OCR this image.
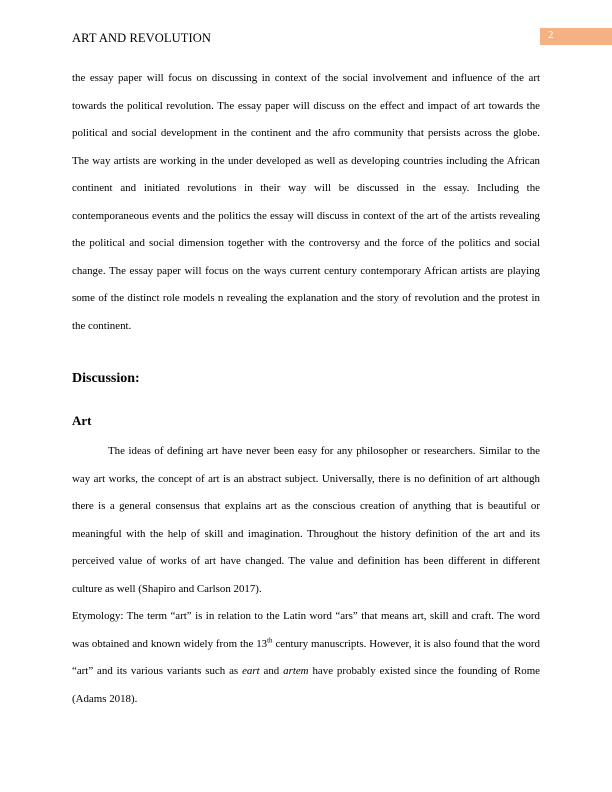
ART AND REVOLUTION	2

the essay paper will focus on discussing in context of the social involvement and influence of the art towards the political revolution. The essay paper will discuss on the effect and impact of art towards the political and social development in the continent and the afro community that persists across the globe. The way artists are working in the under developed as well as developing countries including the African continent and initiated revolutions in their way will be discussed in the essay. Including the contemporaneous events and the politics the essay will discuss in context of the art of the artists revealing the political and social dimension together with the controversy and the force of the politics and social change. The essay paper will focus on the ways current century contemporary African artists are playing some of the distinct role models n revealing the explanation and the story of revolution and the protest in the continent.

Discussion:
Art

The ideas of defining art have never been easy for any philosopher or researchers. Similar to the way art works, the concept of art is an abstract subject. Universally, there is no definition of art although there is a general consensus that explains art as the conscious creation of anything that is beautiful or meaningful with the help of skill and imagination. Throughout the history definition of the art and its perceived value of works of art have changed. The value and definition has been different in different culture as well (Shapiro and Carlson 2017).

Etymology: The term “art” is in relation to the Latin word “ars” that means art, skill and craft. The word was obtained and known widely from the 13th century manuscripts. However, it is also found that the word “art” and its various variants such as eart and artem have probably existed since the founding of Rome (Adams 2018).
